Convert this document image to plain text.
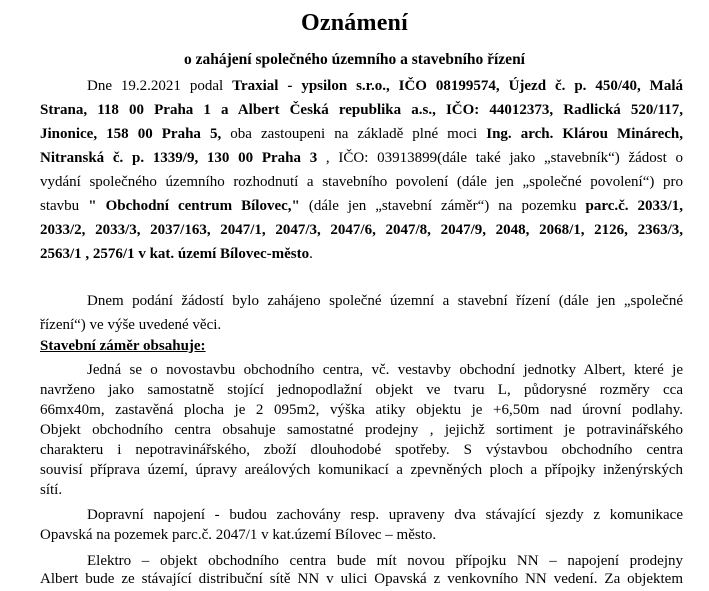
Oznámení
o zahájení společného územního a stavebního řízení
Dne 19.2.2021 podal Traxial - ypsilon s.r.o., IČO 08199574, Újezd č. p. 450/40, Malá
Strana, 118 00 Praha 1 a Albert Česká republika a.s., IČO: 44012373, Radlická 520/117,
Jinonice, 158 00 Praha 5, oba zastoupeni na základě plné moci Ing. arch. Klárou Minárech,
Nitranská č. p. 1339/9, 130 00 Praha 3 , IČO: 03913899(dále také jako „stavebník“) žádost o
vydání společného územního rozhodnutí a stavebního povolení (dále jen „společné povolení“) pro
stavbu " Obchodní centrum Bílovec," (dále jen „stavební záměr“) na pozemku parc.č. 2033/1,
2033/2, 2033/3, 2037/163, 2047/1, 2047/3, 2047/6, 2047/8, 2047/9, 2048, 2068/1, 2126, 2363/3,
2563/1 , 2576/1 v kat. území Bílovec-město.
Dnem podání žádostí bylo zahájeno společné územní a stavební řízení (dále jen „společné
řízení“) ve výše uvedené věci.
Stavební záměr obsahuje:
Jedná se o novostavbu obchodního centra, vč. vestavby obchodní jednotky Albert, které je
navrženo jako samostatně stojící jednopodlažní objekt ve tvaru L, půdorysné rozměry cca
66mx40m, zastavěná plocha je 2 095m2, výška atiky objektu je +6,50m nad úrovní podlahy.
Objekt obchodního centra obsahuje samostatné prodejny , jejichž sortiment je potravinářského
charakteru i nepotravinářského, zboží dlouhodobé spotřeby. S výstavbou obchodního centra
souvisí příprava území, úpravy areálových komunikací a zpevněných ploch a přípojky inženýrských
sítí.
Dopravní napojení - budou zachovány resp. upraveny dva stávající sjezdy z komunikace
Opavská na pozemek parc.č. 2047/1 v kat.území Bílovec – město.
Elektro – objekt obchodního centra bude mít novou přípojku NN – napojení prodejny
Albert bude ze stávající distribuční sítě NN v ulici Opavská z venkovního NN vedení. Za objektem
